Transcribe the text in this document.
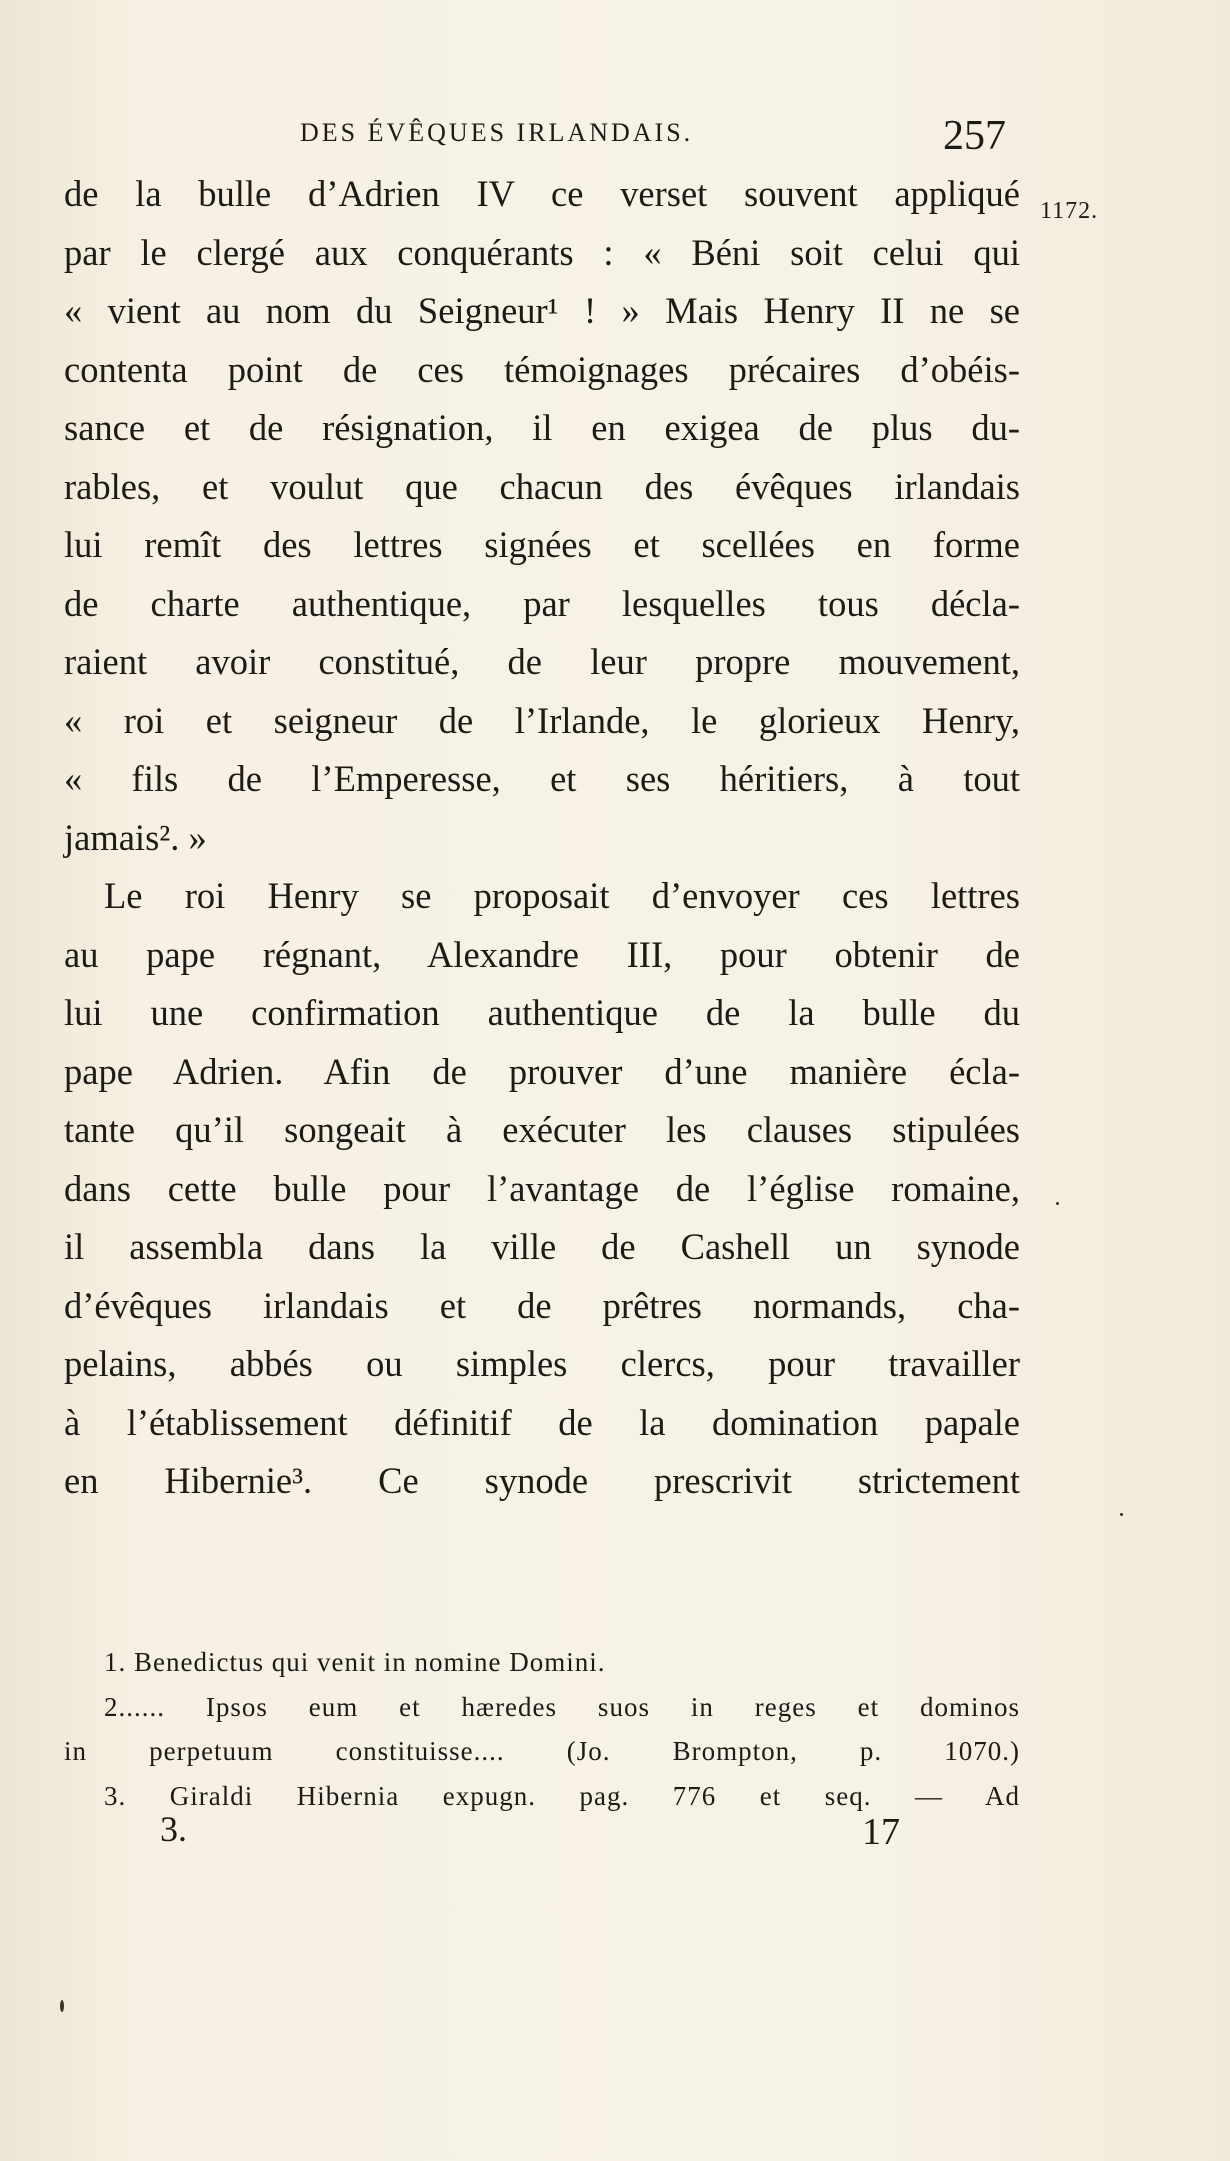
DES ÉVÊQUES IRLANDAIS.	257
1172.
de la bulle d’Adrien IV ce verset souvent appliqué
par le clergé aux conquérants : « Béni soit celui qui
« vient au nom du Seigneur¹ ! » Mais Henry II ne se
contenta point de ces témoignages précaires d’obéis-
sance et de résignation, il en exigea de plus du-
rables, et voulut que chacun des évêques irlandais
lui remît des lettres signées et scellées en forme
de charte authentique, par lesquelles tous décla-
raient avoir constitué, de leur propre mouvement,
« roi et seigneur de l’Irlande, le glorieux Henry,
« fils de l’Emperesse, et ses héritiers, à tout
jamais². »
Le roi Henry se proposait d’envoyer ces lettres
au pape régnant, Alexandre III, pour obtenir de
lui une confirmation authentique de la bulle du
pape Adrien. Afin de prouver d’une manière écla-
tante qu’il songeait à exécuter les clauses stipulées
dans cette bulle pour l’avantage de l’église romaine,
il assembla dans la ville de Cashell un synode
d’évêques irlandais et de prêtres normands, cha-
pelains, abbés ou simples clercs, pour travailler
à l’établissement définitif de la domination papale
en Hibernie³. Ce synode prescrivit strictement
1. Benedictus qui venit in nomine Domini.
2...... Ipsos eum et hæredes suos in reges et dominos
in perpetuum constituisse.... (Jo. Brompton, p. 1070.)
3. Giraldi Hibernia expugn. pag. 776 et seq. — Ad
3.	17
